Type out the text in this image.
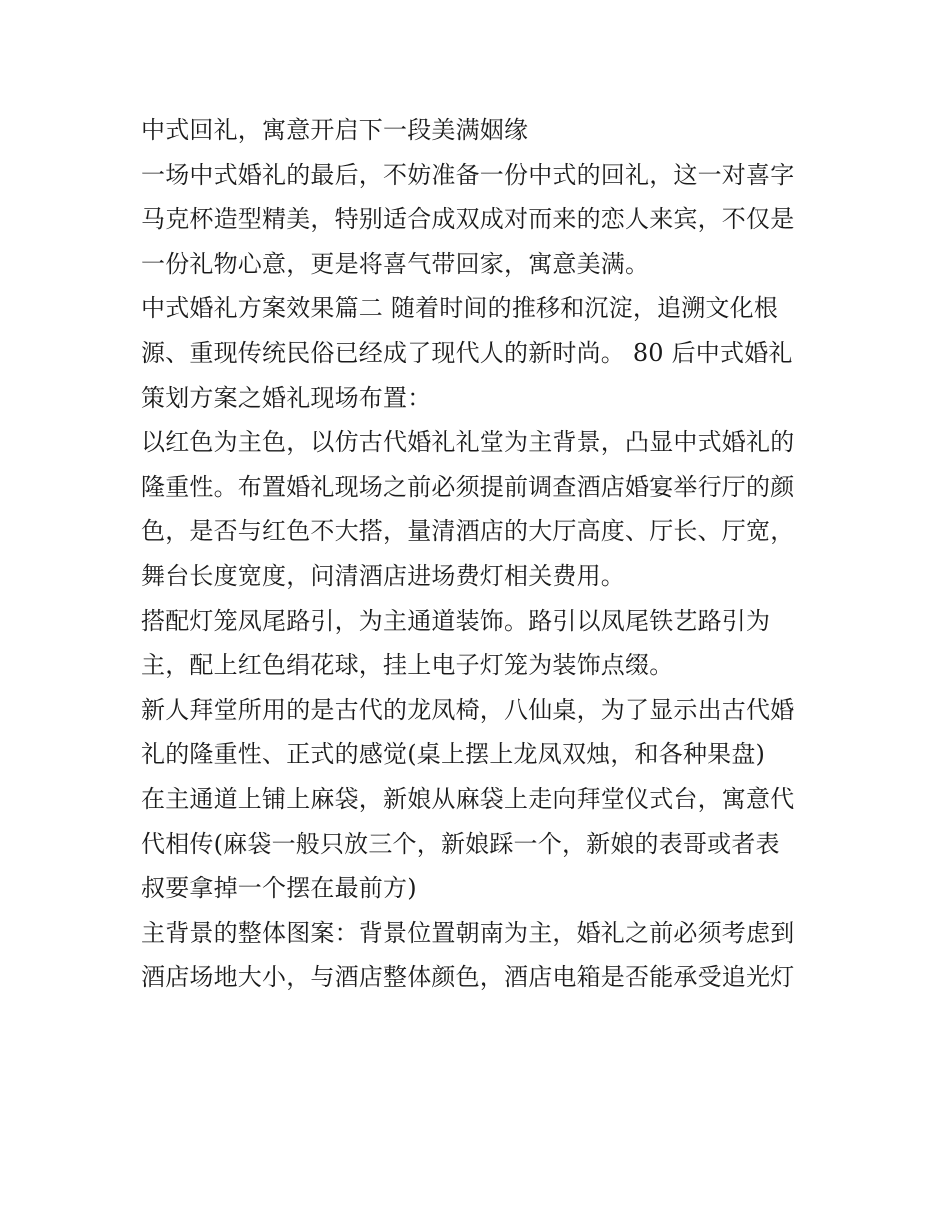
中式回礼，寓意开启下一段美满姻缘

一场中式婚礼的最后，不妨准备一份中式的回礼，这一对喜字
马克杯造型精美，特别适合成双成对而来的恋人来宾，不仅是
一份礼物心意，更是将喜气带回家，寓意美满。

中式婚礼方案效果篇二 随着时间的推移和沉淀，追溯文化根
源、重现传统民俗已经成了现代人的新时尚。 80 后中式婚礼
策划方案之婚礼现场布置：

以红色为主色，以仿古代婚礼礼堂为主背景，凸显中式婚礼的
隆重性。布置婚礼现场之前必须提前调查酒店婚宴举行厅的颜
色，是否与红色不大搭，量清酒店的大厅高度、厅长、厅宽，
舞台长度宽度，问清酒店进场费灯相关费用。

搭配灯笼凤尾路引，为主通道装饰。路引以凤尾铁艺路引为
主，配上红色绢花球，挂上电子灯笼为装饰点缀。

新人拜堂所用的是古代的龙凤椅，八仙桌，为了显示出古代婚
礼的隆重性、正式的感觉(桌上摆上龙凤双烛，和各种果盘)

在主通道上铺上麻袋，新娘从麻袋上走向拜堂仪式台，寓意代
代相传(麻袋一般只放三个，新娘踩一个，新娘的表哥或者表
叔要拿掉一个摆在最前方)

主背景的整体图案：背景位置朝南为主，婚礼之前必须考虑到
酒店场地大小，与酒店整体颜色，酒店电箱是否能承受追光灯
